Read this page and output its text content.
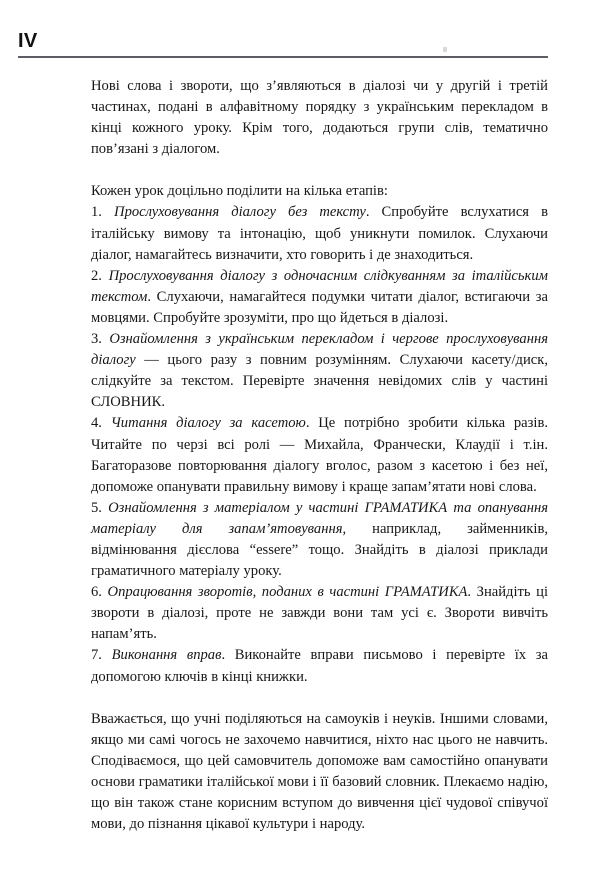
IV

Нові слова і звороти, що з’являються в діалозі чи у другій і третій частинах, подані в алфавітному порядку з українським перекладом в кінці кожного уроку. Крім того, додаються групи слів, тематично пов’язані з діалогом.

Кожен урок доцільно поділити на кілька етапів:

1. Прослуховування діалогу без тексту. Спробуйте вслухатися в італійську вимову та інтонацію, щоб уникнути помилок. Слухаючи діалог, намагайтесь визначити, хто говорить і де знаходиться.

2. Прослуховування діалогу з одночасним слідкуванням за італійським текстом. Слухаючи, намагайтеся подумки читати діалог, встигаючи за мовцями. Спробуйте зрозуміти, про що йдеться в діалозі.

3. Ознайомлення з українським перекладом і чергове прослуховування діалогу — цього разу з повним розумінням. Слухаючи касету/диск, слідкуйте за текстом. Перевірте значення невідомих слів у частині СЛОВНИК.

4. Читання діалогу за касетою. Це потрібно зробити кілька разів. Читайте по черзі всі ролі — Михайла, Франчески, Клаудії і т.ін. Багаторазове повторювання діалогу вголос, разом з касетою і без неї, допоможе опанувати правильну вимову і краще запам’ятати нові слова.

5. Ознайомлення з матеріалом у частині ГРАМАТИКА та опанування матеріалу для запам’ятовування, наприклад, займенників, відмінювання дієслова “essere” тощо. Знайдіть в діалозі приклади граматичного матеріалу уроку.

6. Опрацювання зворотів, поданих в частині ГРАМАТИКА. Знайдіть ці звороти в діалозі, проте не завжди вони там усі є. Звороти вивчіть напам’ять.

7. Виконання вправ. Виконайте вправи письмово і перевірте їх за допомогою ключів в кінці книжки.

Вважається, що учні поділяються на самоуків і неуків. Іншими словами, якщо ми самі чогось не захочемо навчитися, ніхто нас цього не навчить. Сподіваємося, що цей самовчитель допоможе вам самостійно опанувати основи граматики італійської мови і її базовий словник. Плекаємо надію, що він також стане корисним вступом до вивчення цієї чудової співучої мови, до пізнання цікавої культури і народу.
